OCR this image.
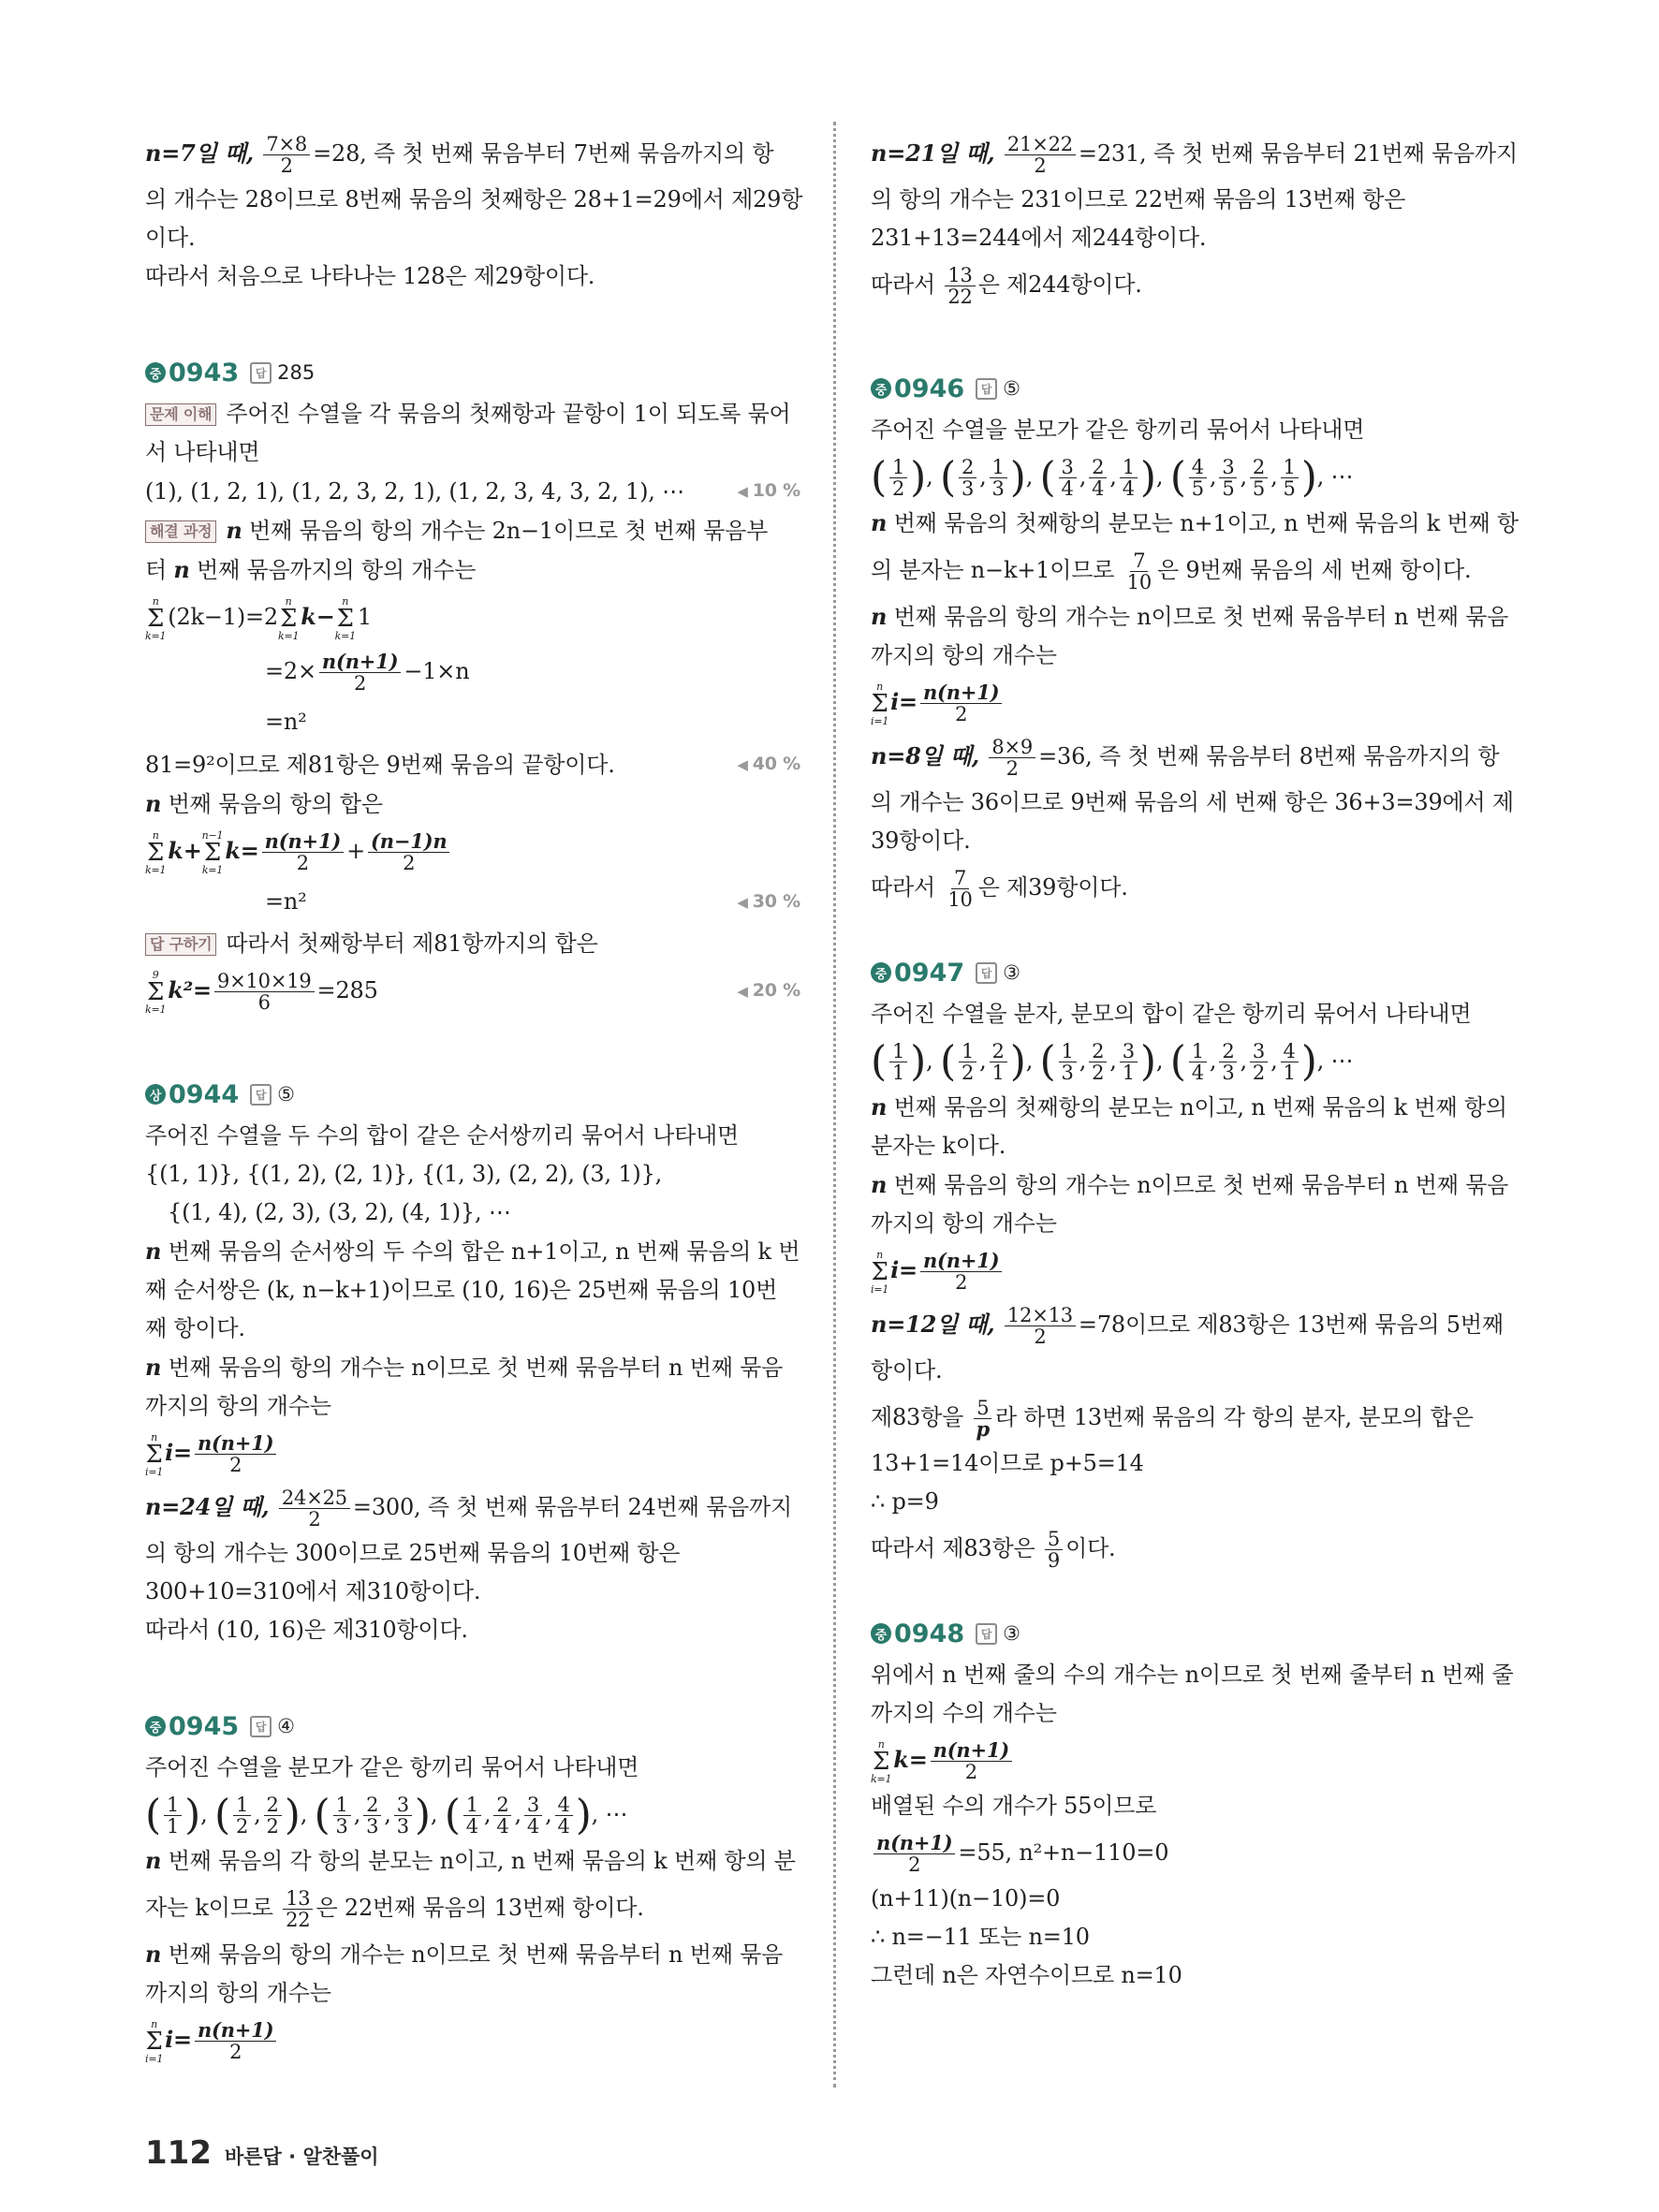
n=7일 때, $\frac{7\times 8}{2} =28$, 즉 첫 번째 묶음부터 7번째 묶음까지의 항
의 개수는 28이므로 8번째 묶음의 첫째항은 28+1=29에서 제29항
이다.
따라서 처음으로 나타나는 128은 제29항이다.
중 0943	답 285
문제 이해 주어진 수열을 각 묶음의 첫째항과 끝항이 1이 되도록 묶어
서 나타내면
(1), (1, 2, 1), (1, 2, 3, 2, 1), (1, 2, 3, 4, 3, 2, 1), ⋯	◀ 10 %
해결 과정 n 번째 묶음의 항의 개수는 2n−1이므로 첫 번째 묶음부
터 n 번째 묶음까지의 항의 개수는
n
Σ
k=1
(2k−1)=2
n
Σ
k=1
k−
n
Σ
k=1
1
$=2\times \frac{n(n+1)}{2} -1\times n$
=n²
81=9²이므로 제81항은 9번째 묶음의 끝항이다.	◀ 40 %
n 번째 묶음의 항의 합은
n
Σ
k=1
k+
n−1
Σ
k=1
$k= \frac{n(n+1)}{2} + \frac{(n-1)n}{2}$
=n²	◀ 30 %
답 구하기 따라서 첫째항부터 제81항까지의 합은
9
Σ
k=1
$k^2= \frac{9\times 10\times 19}{6} =285$	◀ 20 %
상 0944	답 ⑤
주어진 수열을 두 수의 합이 같은 순서쌍끼리 묶어서 나타내면
{(1, 1)}, {(1, 2), (2, 1)}, {(1, 3), (2, 2), (3, 1)},
{(1, 4), (2, 3), (3, 2), (4, 1)}, ⋯
n 번째 묶음의 순서쌍의 두 수의 합은 n+1이고, n 번째 묶음의 k 번
째 순서쌍은 (k, n−k+1)이므로 (10, 16)은 25번째 묶음의 10번
째 항이다.
n 번째 묶음의 항의 개수는 n이므로 첫 번째 묶음부터 n 번째 묶음
까지의 항의 개수는
n
Σ
i=1
$i= \frac{n(n+1)}{2}$
n=24일 때, $\frac{24\times 25}{2} =300$, 즉 첫 번째 묶음부터 24번째 묶음까지
의 항의 개수는 300이므로 25번째 묶음의 10번째 항은
300+10=310에서 제310항이다.
따라서 (10, 16)은 제310항이다.
중 0945	답 ④
주어진 수열을 분모가 같은 항끼리 묶어서 나타내면
( $\frac{1}{1}$ ), ( $\frac{1}{2}$ , $\frac{2}{2}$ ), ( $\frac{1}{3}$ , $\frac{2}{3}$ , $\frac{3}{3}$ ), ( $\frac{1}{4}$ , $\frac{2}{4}$ , $\frac{3}{4}$ , $\frac{4}{4}$ ), ⋯
n 번째 묶음의 각 항의 분모는 n이고, n 번째 묶음의 k 번째 항의 분
자는 k이므로 $\frac{13}{22}$ 은 22번째 묶음의 13번째 항이다.
n 번째 묶음의 항의 개수는 n이므로 첫 번째 묶음부터 n 번째 묶음
까지의 항의 개수는
n
Σ
i=1
$i= \frac{n(n+1)}{2}$
n=21일 때, $\frac{21\times 22}{2} =231$, 즉 첫 번째 묶음부터 21번째 묶음까지
의 항의 개수는 231이므로 22번째 묶음의 13번째 항은
231+13=244에서 제244항이다.
따라서 $\frac{13}{22}$ 은 제244항이다.
중 0946	답 ⑤
주어진 수열을 분모가 같은 항끼리 묶어서 나타내면
( $\frac{1}{2}$ ), ( $\frac{2}{3}$ , $\frac{1}{3}$ ), ( $\frac{3}{4}$ , $\frac{2}{4}$ , $\frac{1}{4}$ ), ( $\frac{4}{5}$ , $\frac{3}{5}$ , $\frac{2}{5}$ , $\frac{1}{5}$ ), ⋯
n 번째 묶음의 첫째항의 분모는 n+1이고, n 번째 묶음의 k 번째 항
의 분자는 n−k+1이므로 $\frac{7}{10}$ 은 9번째 묶음의 세 번째 항이다.
n 번째 묶음의 항의 개수는 n이므로 첫 번째 묶음부터 n 번째 묶음
까지의 항의 개수는
n
Σ
i=1
$i= \frac{n(n+1)}{2}$
n=8일 때, $\frac{8\times 9}{2} =36$, 즉 첫 번째 묶음부터 8번째 묶음까지의 항
의 개수는 36이므로 9번째 묶음의 세 번째 항은 36+3=39에서 제
39항이다.
따라서 $\frac{7}{10}$ 은 제39항이다.
중 0947	답 ③
주어진 수열을 분자, 분모의 합이 같은 항끼리 묶어서 나타내면
( $\frac{1}{1}$ ), ( $\frac{1}{2}$ , $\frac{2}{1}$ ), ( $\frac{1}{3}$ , $\frac{2}{2}$ , $\frac{3}{1}$ ), ( $\frac{1}{4}$ , $\frac{2}{3}$ , $\frac{3}{2}$ , $\frac{4}{1}$ ), ⋯
n 번째 묶음의 첫째항의 분모는 n이고, n 번째 묶음의 k 번째 항의
분자는 k이다.
n 번째 묶음의 항의 개수는 n이므로 첫 번째 묶음부터 n 번째 묶음
까지의 항의 개수는
n
Σ
i=1
$i= \frac{n(n+1)}{2}$
n=12일 때, $\frac{12\times 13}{2} =78$이므로 제83항은 13번째 묶음의 5번째
항이다.
제83항을 $\frac{5}{p}$ 라 하면 13번째 묶음의 각 항의 분자, 분모의 합은
13+1=14이므로 p+5=14
∴ p=9
따라서 제83항은 $\frac{5}{9}$ 이다.
중 0948	답 ③
위에서 n 번째 줄의 수의 개수는 n이므로 첫 번째 줄부터 n 번째 줄
까지의 수의 개수는
n
Σ
k=1
$k= \frac{n(n+1)}{2}$
배열된 수의 개수가 55이므로
$\frac{n(n+1)}{2} =55$, n²+n−110=0
(n+11)(n−10)=0
∴ n=−11 또는 n=10
그런데 n은 자연수이므로 n=10
112 바른답 · 알찬풀이
